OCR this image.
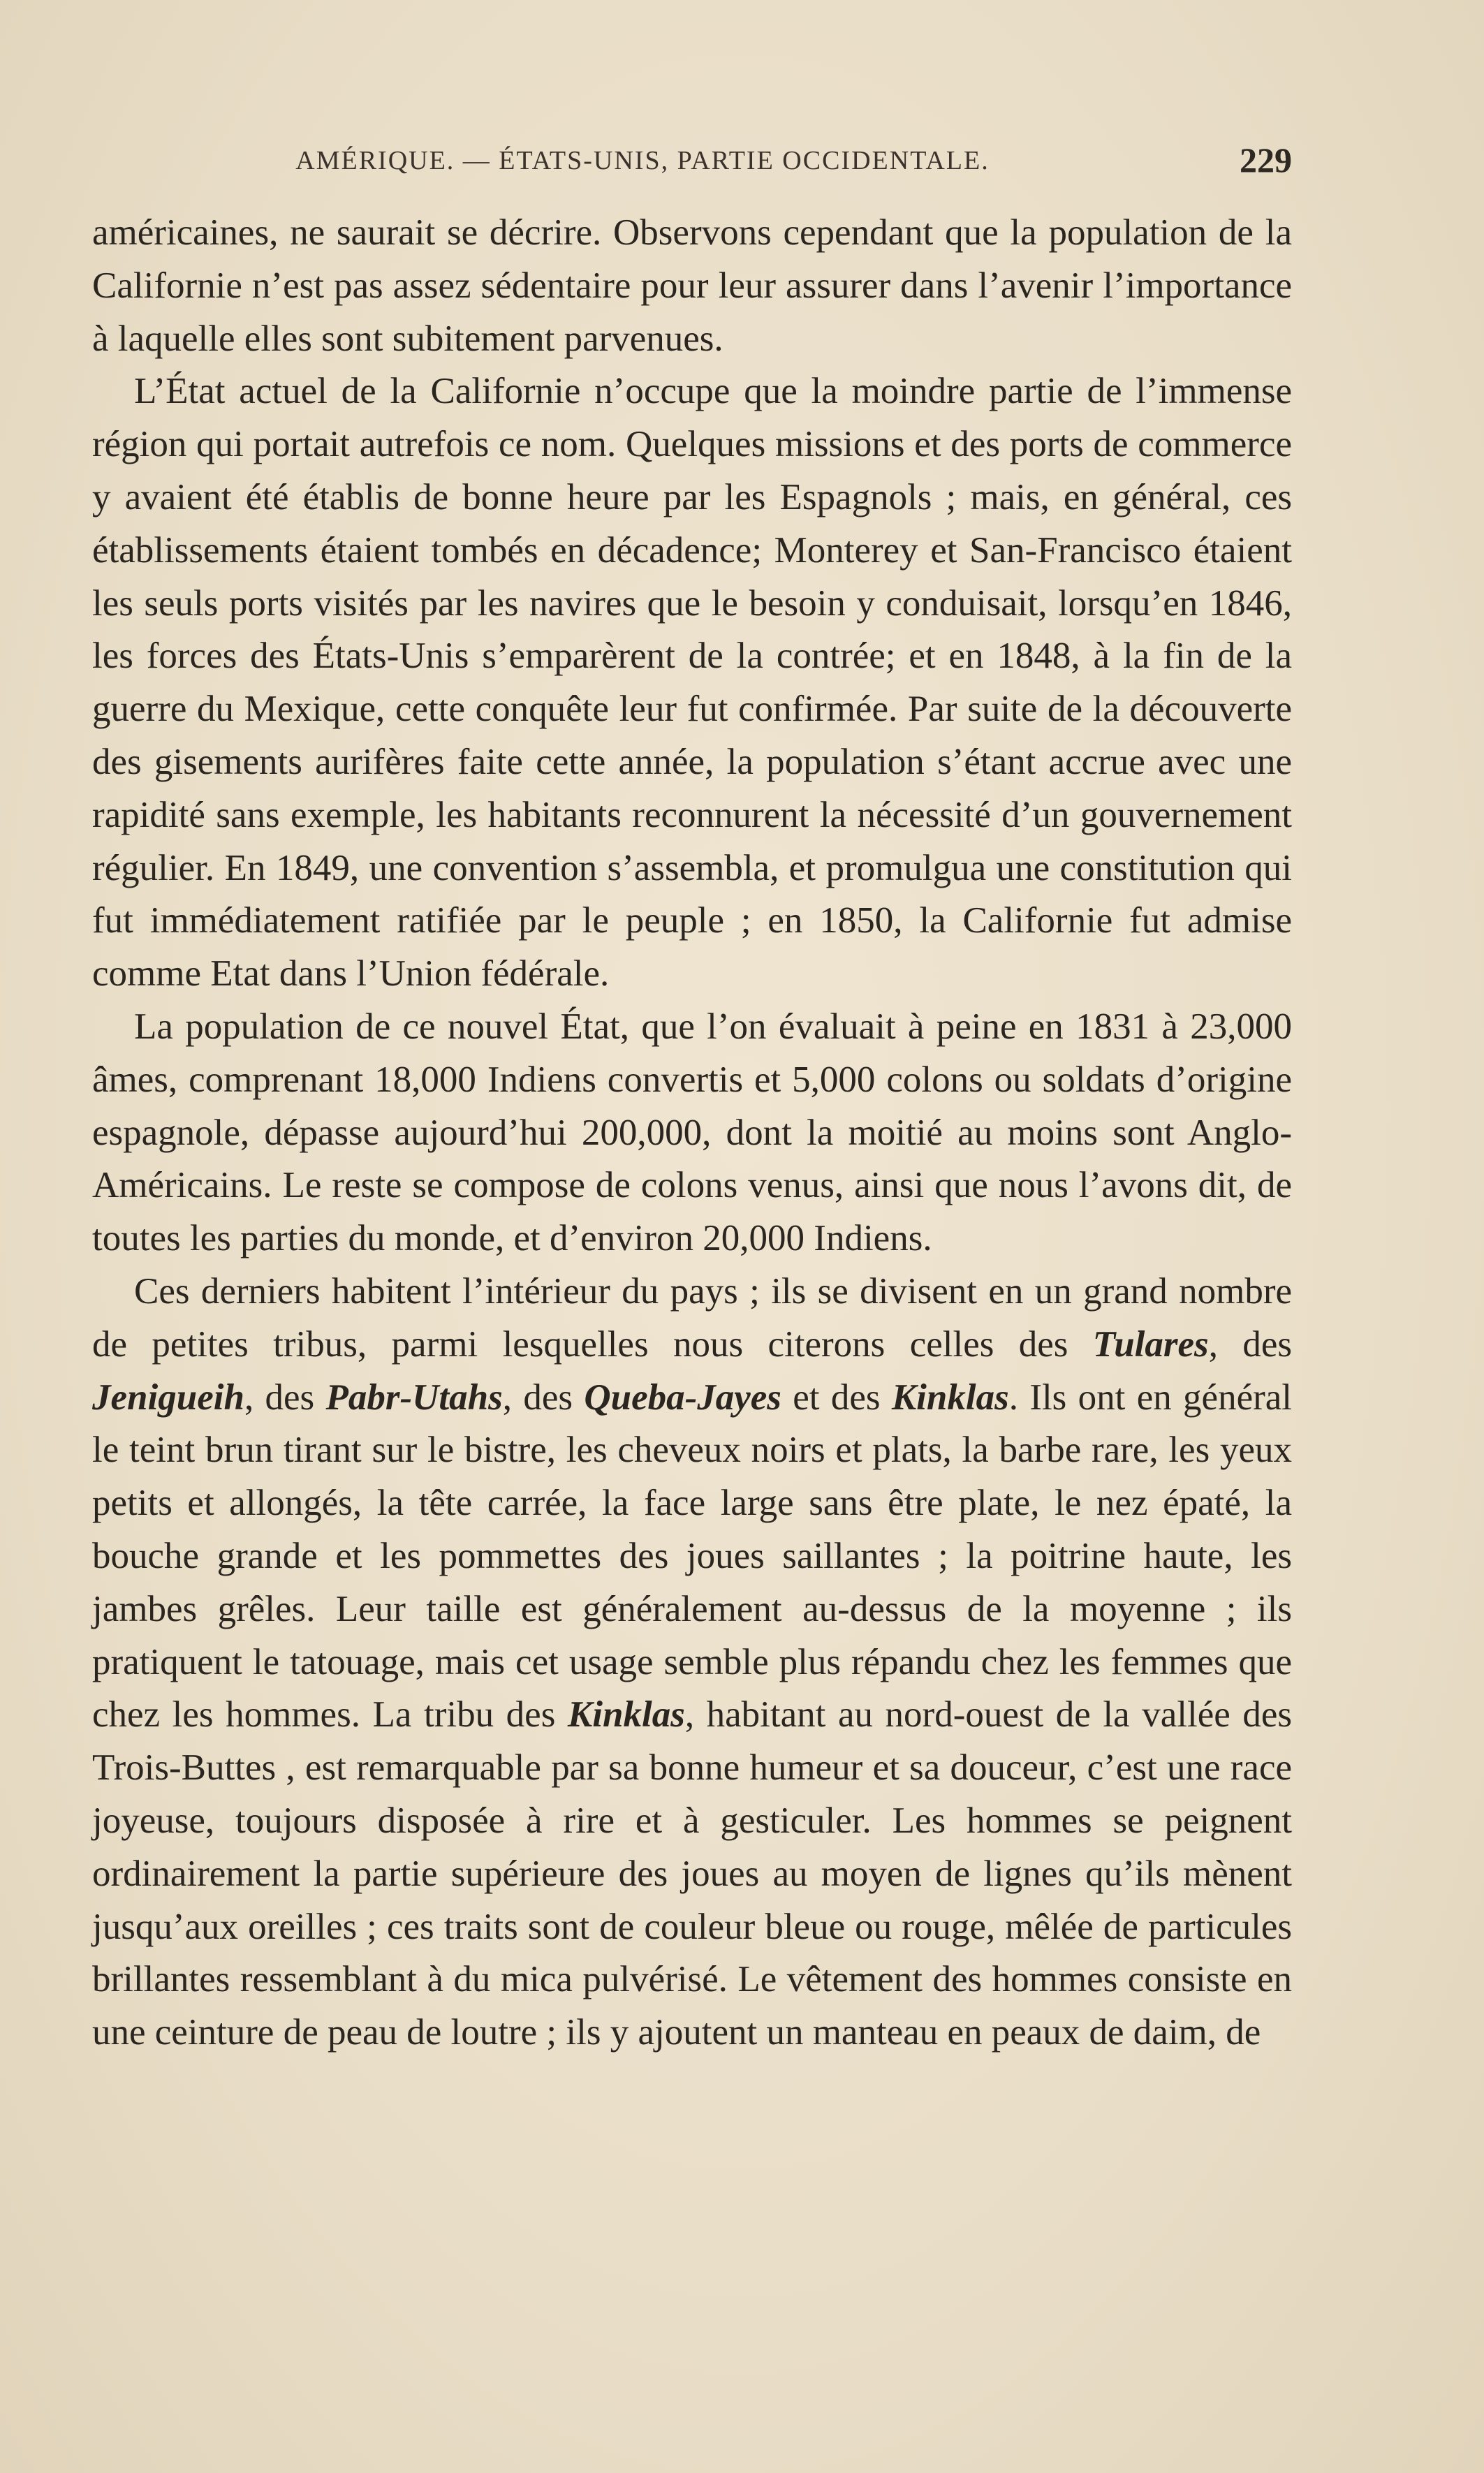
AMÉRIQUE. — ÉTATS-UNIS, PARTIE OCCIDENTALE.	229

américaines, ne saurait se décrire. Observons cependant que la population de la Californie n’est pas assez sédentaire pour leur assurer dans l’avenir l’importance à laquelle elles sont subitement parvenues.

L’État actuel de la Californie n’occupe que la moindre partie de l’immense région qui portait autrefois ce nom. Quelques missions et des ports de commerce y avaient été établis de bonne heure par les Espagnols ; mais, en général, ces établissements étaient tombés en décadence; Monterey et San-Francisco étaient les seuls ports visités par les navires que le besoin y conduisait, lorsqu’en 1846, les forces des États-Unis s’emparèrent de la contrée; et en 1848, à la fin de la guerre du Mexique, cette conquête leur fut confirmée. Par suite de la découverte des gisements aurifères faite cette année, la population s’étant accrue avec une rapidité sans exemple, les habitants reconnurent la nécessité d’un gouvernement régulier. En 1849, une convention s’assembla, et promulgua une constitution qui fut immédiatement ratifiée par le peuple ; en 1850, la Californie fut admise comme Etat dans l’Union fédérale.

La population de ce nouvel État, que l’on évaluait à peine en 1831 à 23,000 âmes, comprenant 18,000 Indiens convertis et 5,000 colons ou soldats d’origine espagnole, dépasse aujourd’hui 200,000, dont la moitié au moins sont Anglo-Américains. Le reste se compose de colons venus, ainsi que nous l’avons dit, de toutes les parties du monde, et d’environ 20,000 Indiens.

Ces derniers habitent l’intérieur du pays ; ils se divisent en un grand nombre de petites tribus, parmi lesquelles nous citerons celles des Tulares, des Jenigueih, des Pabr-Utahs, des Queba-Jayes et des Kinklas. Ils ont en général le teint brun tirant sur le bistre, les cheveux noirs et plats, la barbe rare, les yeux petits et allongés, la tête carrée, la face large sans être plate, le nez épaté, la bouche grande et les pommettes des joues saillantes ; la poitrine haute, les jambes grêles. Leur taille est généralement au-dessus de la moyenne ; ils pratiquent le tatouage, mais cet usage semble plus répandu chez les femmes que chez les hommes. La tribu des Kinklas, habitant au nord-ouest de la vallée des Trois-Buttes , est remarquable par sa bonne humeur et sa douceur, c’est une race joyeuse, toujours disposée à rire et à gesticuler. Les hommes se peignent ordinairement la partie supérieure des joues au moyen de lignes qu’ils mènent jusqu’aux oreilles ; ces traits sont de couleur bleue ou rouge, mêlée de particules brillantes ressemblant à du mica pulvérisé. Le vêtement des hommes consiste en une ceinture de peau de loutre ; ils y ajoutent un manteau en peaux de daim, de
